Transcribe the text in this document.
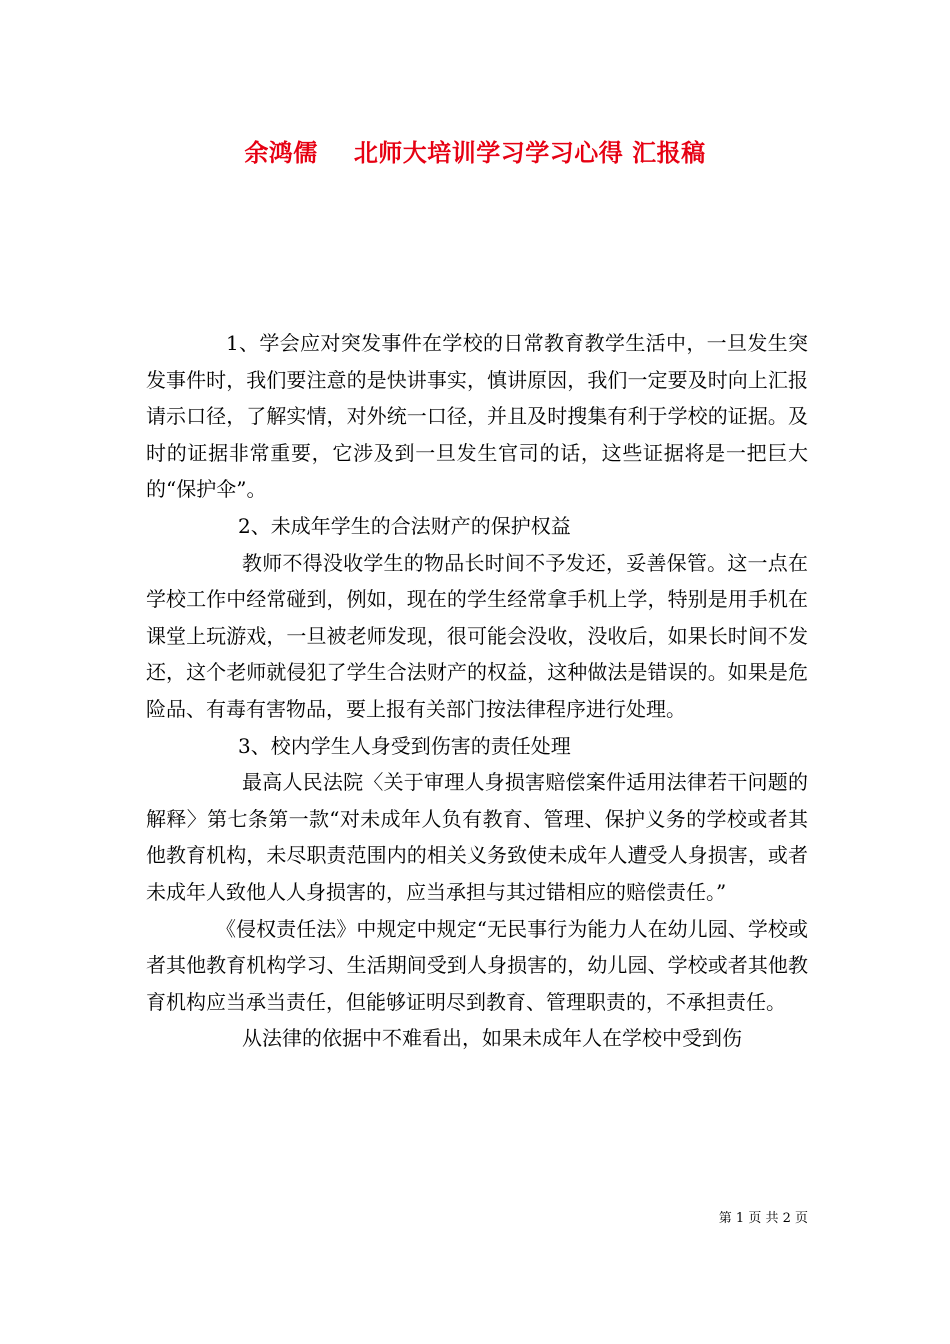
余鸿儒 北师大培训学习学习心得 汇报稿

1、学会应对突发事件在学校的日常教育教学生活中，一旦发生突发事件时，我们要注意的是快讲事实，慎讲原因，我们一定要及时向上汇报请示口径，了解实情，对外统一口径，并且及时搜集有利于学校的证据。及时的证据非常重要，它涉及到一旦发生官司的话，这些证据将是一把巨大的“保护伞”。

2、未成年学生的合法财产的保护权益

教师不得没收学生的物品长时间不予发还，妥善保管。这一点在学校工作中经常碰到，例如，现在的学生经常拿手机上学，特别是用手机在课堂上玩游戏，一旦被老师发现，很可能会没收，没收后，如果长时间不发还，这个老师就侵犯了学生合法财产的权益，这种做法是错误的。如果是危险品、有毒有害物品，要上报有关部门按法律程序进行处理。

3、校内学生人身受到伤害的责任处理

最高人民法院〈关于审理人身损害赔偿案件适用法律若干问题的解释〉第七条第一款“对未成年人负有教育、管理、保护义务的学校或者其他教育机构，未尽职责范围内的相关义务致使未成年人遭受人身损害，或者未成年人致他人人身损害的，应当承担与其过错相应的赔偿责任。”

《侵权责任法》中规定中规定“无民事行为能力人在幼儿园、学校或者其他教育机构学习、生活期间受到人身损害的，幼儿园、学校或者其他教育机构应当承当责任，但能够证明尽到教育、管理职责的，不承担责任。

从法律的依据中不难看出，如果未成年人在学校中受到伤

第 1 页 共 2 页
